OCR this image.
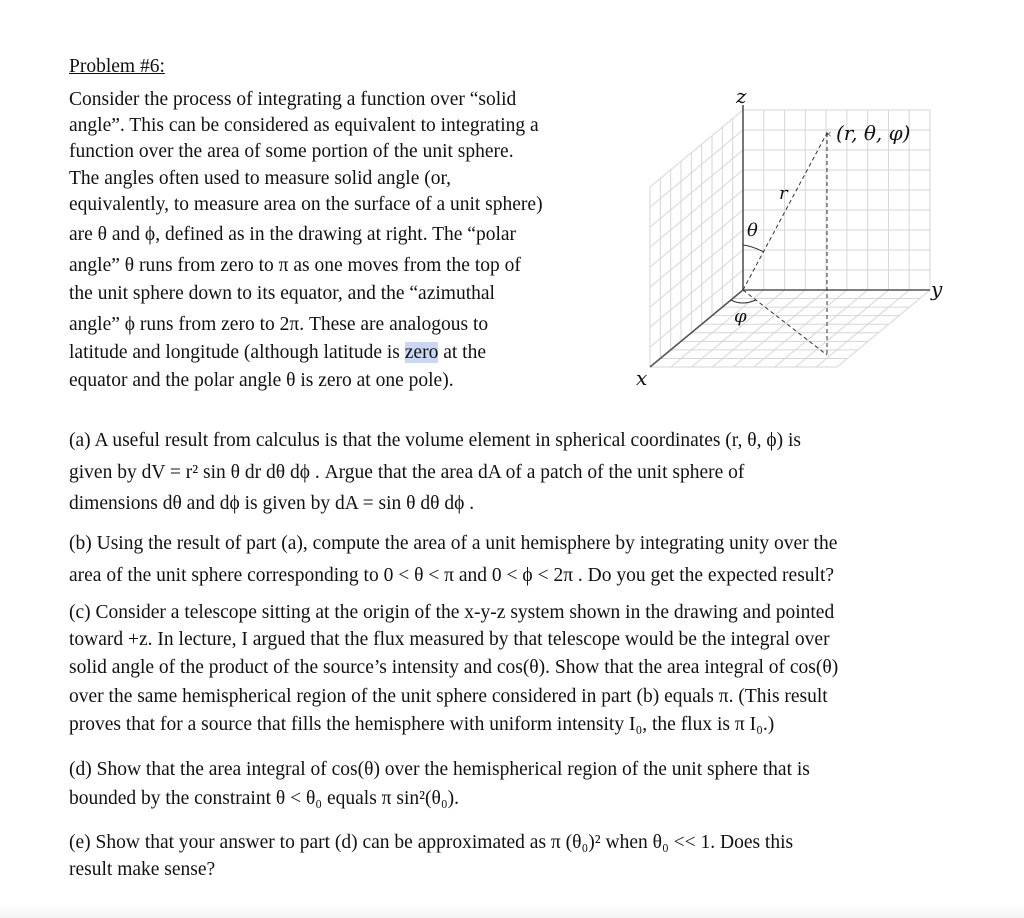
Problem #6:
Consider the process of integrating a function over “solid
angle”. This can be considered as equivalent to integrating a
function over the area of some portion of the unit sphere.
The angles often used to measure solid angle (or,
equivalently, to measure area on the surface of a unit sphere)
are θ and ϕ, defined as in the drawing at right. The “polar
angle” θ runs from zero to π as one moves from the top of
the unit sphere down to its equator, and the “azimuthal
angle” ϕ runs from zero to 2π. These are analogous to
latitude and longitude (although latitude is zero at the
equator and the polar angle θ is zero at one pole).
×
z
y
x
r
θ
φ
(r, θ, φ)
(a) A useful result from calculus is that the volume element in spherical coordinates (r, θ, ϕ) is
given by dV = r² sin θ dr dθ dϕ . Argue that the area dA of a patch of the unit sphere of
dimensions dθ and dϕ is given by dA = sin θ dθ dϕ .
(b) Using the result of part (a), compute the area of a unit hemisphere by integrating unity over the
area of the unit sphere corresponding to 0 < θ < π and 0 < ϕ < 2π . Do you get the expected result?
(c) Consider a telescope sitting at the origin of the x-y-z system shown in the drawing and pointed
toward +z. In lecture, I argued that the flux measured by that telescope would be the integral over
solid angle of the product of the source’s intensity and cos(θ). Show that the area integral of cos(θ)
over the same hemispherical region of the unit sphere considered in part (b) equals π. (This result
proves that for a source that fills the hemisphere with uniform intensity I₀, the flux is π I₀.)
(d) Show that the area integral of cos(θ) over the hemispherical region of the unit sphere that is
bounded by the constraint θ < θ₀ equals π sin²(θ₀).
(e) Show that your answer to part (d) can be approximated as π (θ₀)² when θ₀ << 1. Does this
result make sense?
